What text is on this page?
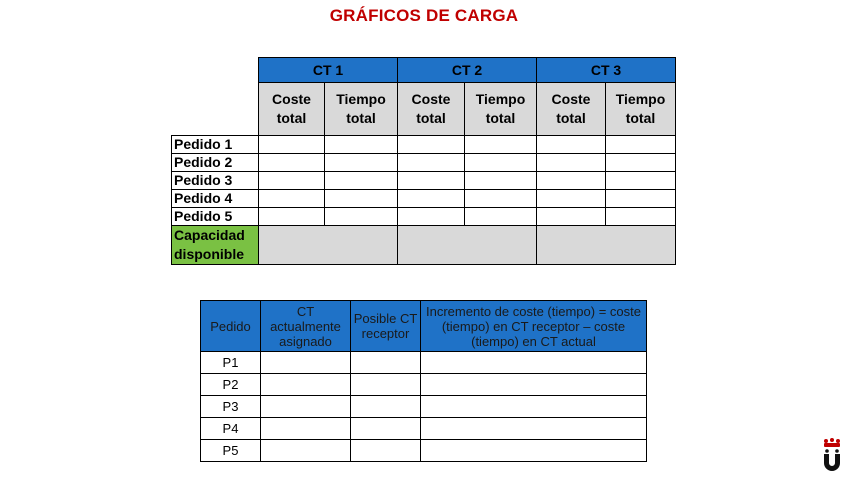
GRÁFICOS DE CARGA
	CT 1		CT 2		CT 3	
	Coste total	Tiempo total	Coste total	Tiempo total	Coste total	Tiempo total
Pedido 1						
Pedido 2						
Pedido 3						
Pedido 4						
Pedido 5						

Capacidad
disponible						

Pedido	CT actualmente asignado	Posible CT receptor	Incremento de coste (tiempo) = coste (tiempo) en CT receptor – coste (tiempo) en CT actual
P1			
P2			
P3			
P4			
P5			
